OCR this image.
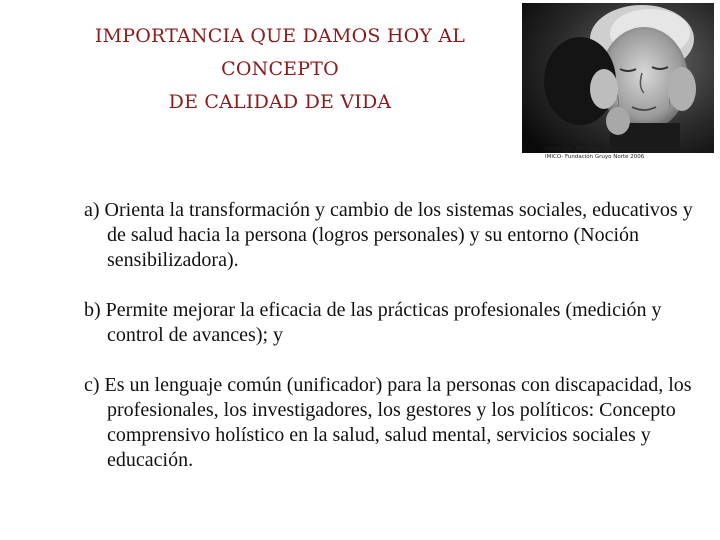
IMPORTANCIA QUE DAMOS HOY AL CONCEPTO
DE CALIDAD DE VIDA
Josep Lluís Martínez. Concurso del Fotografía del
IMICO- Fundación Gruyo Norte 2006

a) Orienta la transformación y cambio de los sistemas sociales, educativos y de salud hacia la persona (logros personales) y su entorno (Noción sensibilizadora).

b) Permite mejorar la eficacia de las prácticas profesionales (medición y control de avances); y

c) Es un lenguaje común (unificador) para la personas con discapacidad, los profesionales, los investigadores, los gestores y los políticos: Concepto comprensivo holístico en la salud, salud mental, servicios sociales y educación.
